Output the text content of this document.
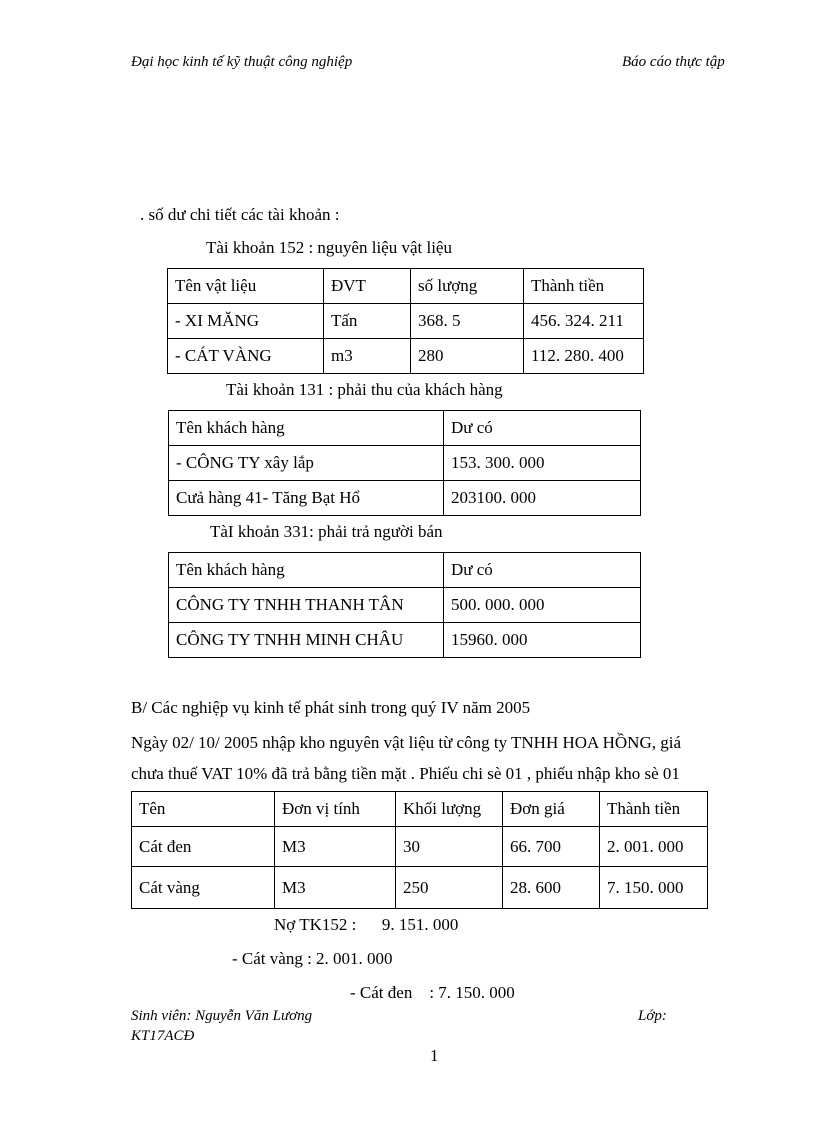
Đại học kinh tế kỹ thuật công nghiệp	Báo cáo thực tập
. số dư chi tiết các tài khoản :
Tài khoản 152 : nguyên liệu vật liệu
Tên vật liệu	ĐVT	số lượng	Thành tiền
- XI MĂNG	Tấn	368. 5	456. 324. 211
- CÁT VÀNG	m3	280	112. 280. 400
Tài khoản 131 : phải thu của khách hàng
Tên khách hàng	Dư có
- CÔNG TY xây lắp	153. 300. 000
Cưả hàng 41- Tăng Bạt Hổ	203100. 000
TàI khoản 331: phải trả người bán
Tên khách hàng	Dư có
CÔNG TY TNHH THANH TÂN	500. 000. 000
CÔNG TY TNHH MINH CHÂU	15960. 000
B/ Các nghiệp vụ kinh tế phát sinh trong quý IV năm 2005
Ngày 02/ 10/ 2005 nhập kho nguyên vật liệu từ công ty TNHH HOA HỒNG, giá
chưa thuế VAT 10% đã trả bằng tiền mặt . Phiếu chi sè 01 , phiếu nhập kho sè 01
Tên	Đơn vị tính	Khối lượng	Đơn giá	Thành tiền
Cát đen	M3	30	66. 700	2. 001. 000
Cát vàng	M3	250	28. 600	7. 150. 000
Nợ TK152 :      9. 151. 000
- Cát vàng : 2. 001. 000
- Cát đen    : 7. 150. 000
Sinh viên: Nguyễn Văn Lương	Lớp:
KT17ACĐ
1
